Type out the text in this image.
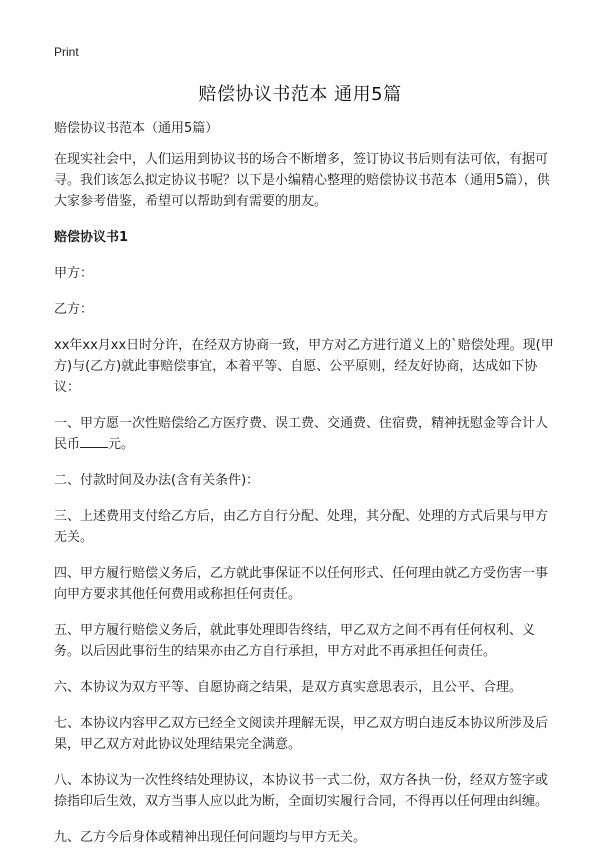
Print
赔偿协议书范本 通用5篇

赔偿协议书范本（通用5篇）

在现实社会中，人们运用到协议书的场合不断增多，签订协议书后则有法可依，有据可寻。我们该怎么拟定协议书呢？以下是小编精心整理的赔偿协议书范本（通用5篇），供大家参考借鉴，希望可以帮助到有需要的朋友。

赔偿协议书1

甲方：

乙方：

xx年xx月xx日时分许，在经双方协商一致，甲方对乙方进行道义上的`赔偿处理。现(甲方)与(乙方)就此事赔偿事宜，本着平等、自愿、公平原则，经友好协商，达成如下协议：

一、甲方愿一次性赔偿给乙方医疗费、误工费、交通费、住宿费，精神抚慰金等合计人民币 元。

二、付款时间及办法(含有关条件)：

三、上述费用支付给乙方后，由乙方自行分配、处理，其分配、处理的方式后果与甲方无关。

四、甲方履行赔偿义务后，乙方就此事保证不以任何形式、任何理由就乙方受伤害一事向甲方要求其他任何费用或称担任何责任。

五、甲方履行赔偿义务后，就此事处理即告终结，甲乙双方之间不再有任何权利、义务。以后因此事衍生的结果亦由乙方自行承担，甲方对此不再承担任何责任。

六、本协议为双方平等、自愿协商之结果，是双方真实意思表示，且公平、合理。

七、本协议内容甲乙双方已经全文阅读并理解无误，甲乙双方明白违反本协议所涉及后果，甲乙双方对此协议处理结果完全满意。

八、本协议为一次性终结处理协议，本协议书一式二份，双方各执一份，经双方签字或捺指印后生效，双方当事人应以此为断，全面切实履行合同，不得再以任何理由纠缠。

九、乙方今后身体或精神出现任何问题均与甲方无关。
